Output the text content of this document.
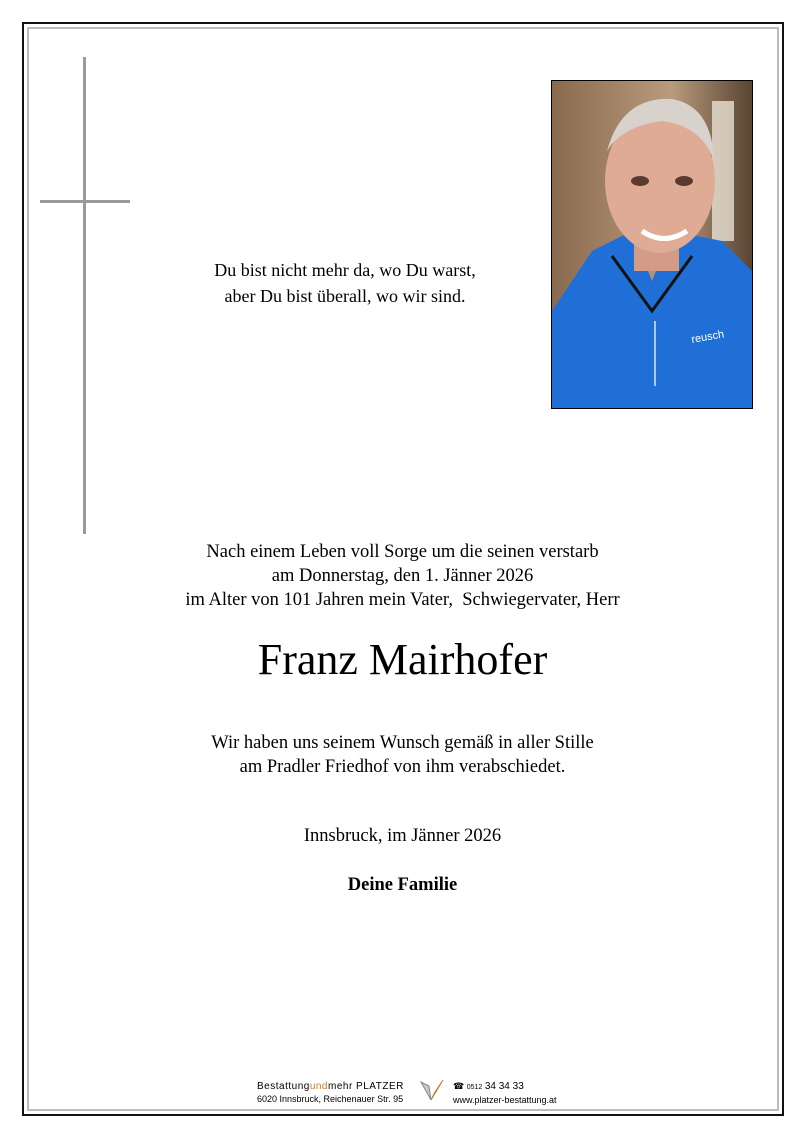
Du bist nicht mehr da, wo Du warst,
aber Du bist überall, wo wir sind.
reusch
Nach einem Leben voll Sorge um die seinen verstarb
am Donnerstag, den 1. Jänner 2026
im Alter von 101 Jahren mein Vater,  Schwiegervater, Herr
Franz Mairhofer
Wir haben uns seinem Wunsch gemäß in aller Stille
am Pradler Friedhof von ihm verabschiedet.
Innsbruck, im Jänner 2026
Deine Familie
Bestattungundmehr PLATZER
6020 Innsbruck, Reichenauer Str. 95
☎ 0512 34 34 33
www.platzer-bestattung.at
